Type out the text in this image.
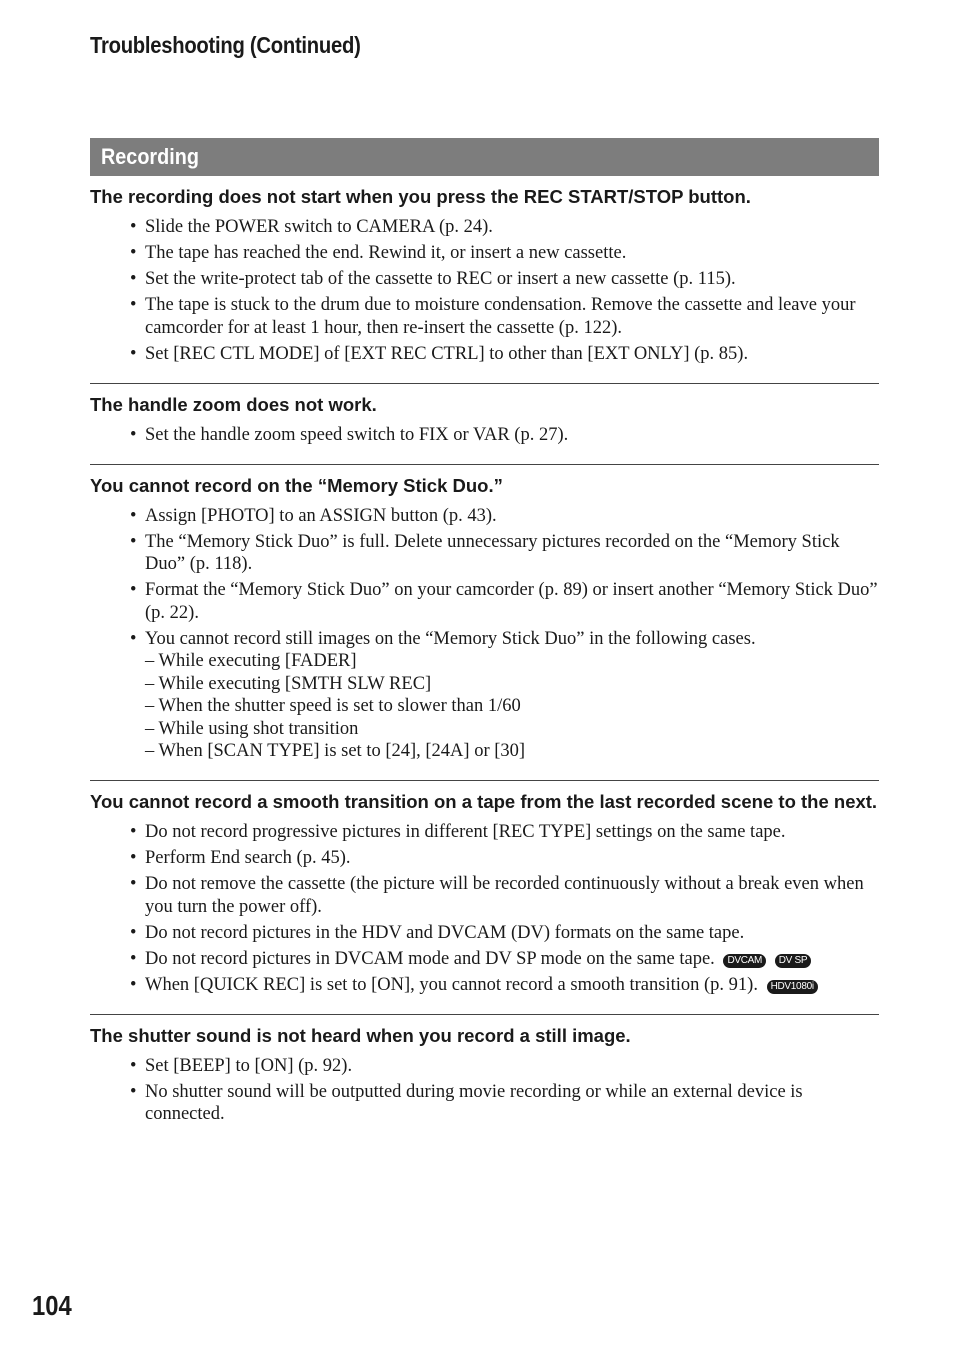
Troubleshooting (Continued)
Recording

The recording does not start when you press the REC START/STOP button.

• Slide the POWER switch to CAMERA (p. 24).
• The tape has reached the end. Rewind it, or insert a new cassette.
• Set the write-protect tab of the cassette to REC or insert a new cassette (p. 115).
• The tape is stuck to the drum due to moisture condensation. Remove the cassette and leave your camcorder for at least 1 hour, then re-insert the cassette (p. 122).
• Set [REC CTL MODE] of [EXT REC CTRL] to other than [EXT ONLY] (p. 85).

The handle zoom does not work.

• Set the handle zoom speed switch to FIX or VAR (p. 27).

You cannot record on the “Memory Stick Duo.”

• Assign [PHOTO] to an ASSIGN button (p. 43).
• The “Memory Stick Duo” is full. Delete unnecessary pictures recorded on the “Memory Stick Duo” (p. 118).
• Format the “Memory Stick Duo” on your camcorder (p. 89) or insert another “Memory Stick Duo” (p. 22).
• You cannot record still images on the “Memory Stick Duo” in the following cases.
– While executing [FADER]
– While executing [SMTH SLW REC]
– When the shutter speed is set to slower than 1/60
– While using shot transition
– When [SCAN TYPE] is set to [24], [24A] or [30]

You cannot record a smooth transition on a tape from the last recorded scene to the next.

• Do not record progressive pictures in different [REC TYPE] settings on the same tape.
• Perform End search (p. 45).
• Do not remove the cassette (the picture will be recorded continuously without a break even when you turn the power off).
• Do not record pictures in the HDV and DVCAM (DV) formats on the same tape.
• Do not record pictures in DVCAM mode and DV SP mode on the same tape. DVCAM DV SP
• When [QUICK REC] is set to [ON], you cannot record a smooth transition (p. 91). HDV1080i

The shutter sound is not heard when you record a still image.

• Set [BEEP] to [ON] (p. 92).
• No shutter sound will be outputted during movie recording or while an external device is connected.
104
